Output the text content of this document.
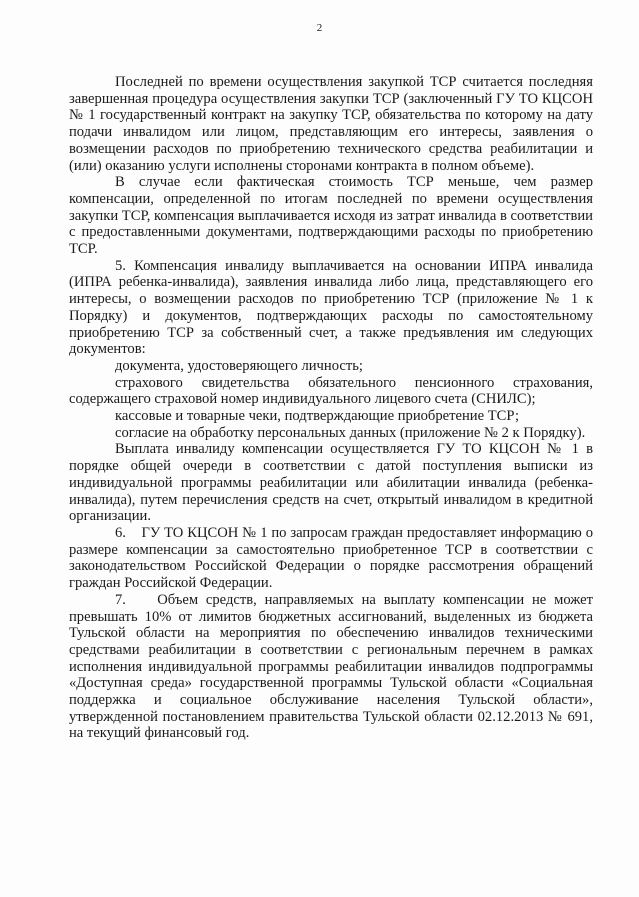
2

Последней по времени осуществления закупкой ТСР считается последняя завершенная процедура осуществления закупки ТСР (заключенный ГУ ТО КЦСОН № 1 государственный контракт на закупку ТСР, обязательства по которому на дату подачи инвалидом или лицом, представляющим его интересы, заявления о возмещении расходов по приобретению технического средства реабилитации и (или) оказанию услуги исполнены сторонами контракта в полном объеме).

В случае если фактическая стоимость ТСР меньше, чем размер компенсации, определенной по итогам последней по времени осуществления закупки ТСР, компенсация выплачивается исходя из затрат инвалида в соответствии с предоставленными документами, подтверждающими расходы по приобретению ТСР.

5. Компенсация инвалиду выплачивается на основании ИПРА инвалида (ИПРА ребенка-инвалида), заявления инвалида либо лица, представляющего его интересы, о возмещении расходов по приобретению ТСР (приложение № 1 к Порядку) и документов, подтверждающих расходы по самостоятельному приобретению ТСР за собственный счет, а также предъявления им следующих документов:

документа, удостоверяющего личность;

страхового свидетельства обязательного пенсионного страхования, содержащего страховой номер индивидуального лицевого счета (СНИЛС);

кассовые и товарные чеки, подтверждающие приобретение ТСР;

согласие на обработку персональных данных (приложение № 2 к Порядку).

Выплата инвалиду компенсации осуществляется ГУ ТО КЦСОН № 1 в порядке общей очереди в соответствии с датой поступления выписки из индивидуальной программы реабилитации или абилитации инвалида (ребенка-инвалида), путем перечисления средств на счет, открытый инвалидом в кредитной организации.

6.    ГУ ТО КЦСОН № 1 по запросам граждан предоставляет информацию о размере компенсации за самостоятельно приобретенное ТСР в соответствии с законодательством Российской Федерации о порядке рассмотрения обращений граждан Российской Федерации.

7.    Объем средств, направляемых на выплату компенсации не может превышать 10% от лимитов бюджетных ассигнований, выделенных из бюджета Тульской области на мероприятия по обеспечению инвалидов техническими средствами реабилитации в соответствии с региональным перечнем в рамках исполнения индивидуальной программы реабилитации инвалидов подпрограммы «Доступная среда» государственной программы Тульской области «Социальная поддержка и социальное обслуживание населения Тульской области», утвержденной постановлением правительства Тульской области 02.12.2013 № 691, на текущий финансовый год.
